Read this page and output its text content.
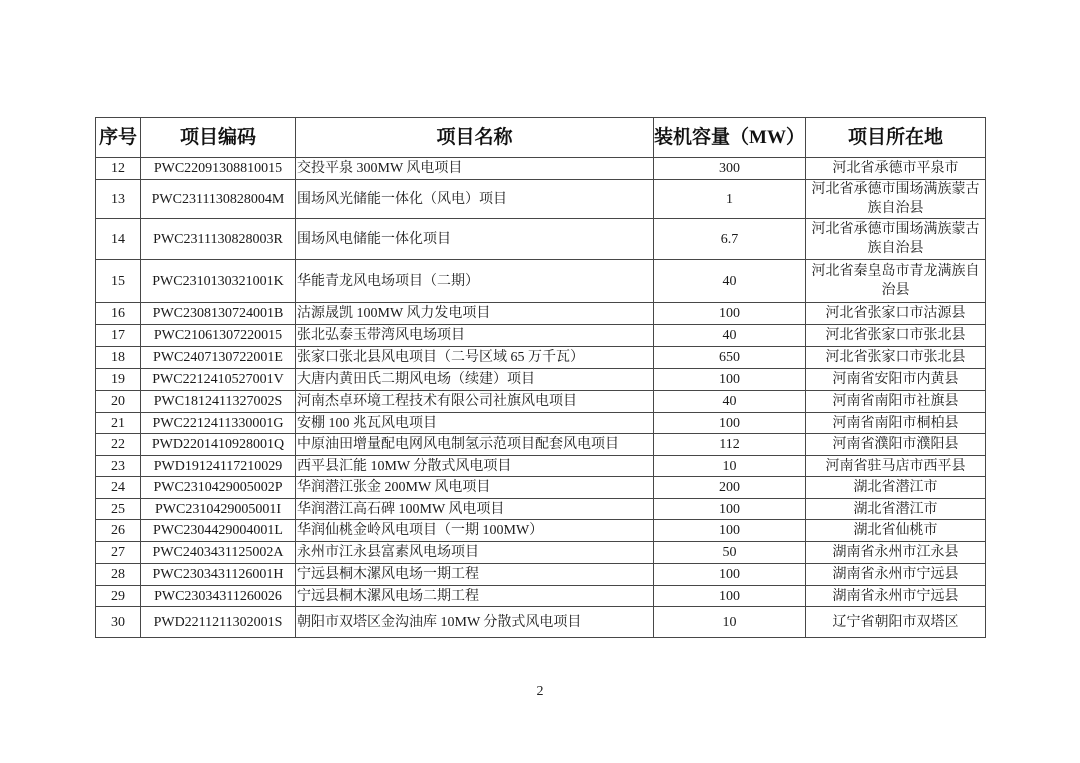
序号	项目编码	项目名称	装机容量（MW）	项目所在地
12	PWC22091308810015	交投平泉 300MW 风电项目	300	河北省承德市平泉市
13	PWC2311130828004M	围场风光储能一体化（风电）项目	1	河北省承德市围场满族蒙古族自治县
14	PWC2311130828003R	围场风电储能一体化项目	6.7	河北省承德市围场满族蒙古族自治县
15	PWC2310130321001K	华能青龙风电场项目（二期）	40	河北省秦皇岛市青龙满族自治县
16	PWC2308130724001B	沽源晟凯 100MW 风力发电项目	100	河北省张家口市沽源县
17	PWC21061307220015	张北弘泰玉带湾风电场项目	40	河北省张家口市张北县
18	PWC2407130722001E	张家口张北县风电项目（二号区域 65 万千瓦）	650	河北省张家口市张北县
19	PWC2212410527001V	大唐内黄田氏二期风电场（续建）项目	100	河南省安阳市内黄县
20	PWC1812411327002S	河南杰卓环境工程技术有限公司社旗风电项目	40	河南省南阳市社旗县
21	PWC2212411330001G	安棚 100 兆瓦风电项目	100	河南省南阳市桐柏县
22	PWD2201410928001Q	中原油田增量配电网风电制氢示范项目配套风电项目	112	河南省濮阳市濮阳县
23	PWD19124117210029	西平县汇能 10MW 分散式风电项目	10	河南省驻马店市西平县
24	PWC2310429005002P	华润潜江张金 200MW 风电项目	200	湖北省潜江市
25	PWC2310429005001I	华润潜江高石碑 100MW 风电项目	100	湖北省潜江市
26	PWC2304429004001L	华润仙桃金岭风电项目（一期 100MW）	100	湖北省仙桃市
27	PWC2403431125002A	永州市江永县富素风电场项目	50	湖南省永州市江永县
28	PWC2303431126001H	宁远县桐木漯风电场一期工程	100	湖南省永州市宁远县
29	PWC23034311260026	宁远县桐木漯风电场二期工程	100	湖南省永州市宁远县
30	PWD2211211302001S	朝阳市双塔区金沟油库 10MW 分散式风电项目	10	辽宁省朝阳市双塔区
2
